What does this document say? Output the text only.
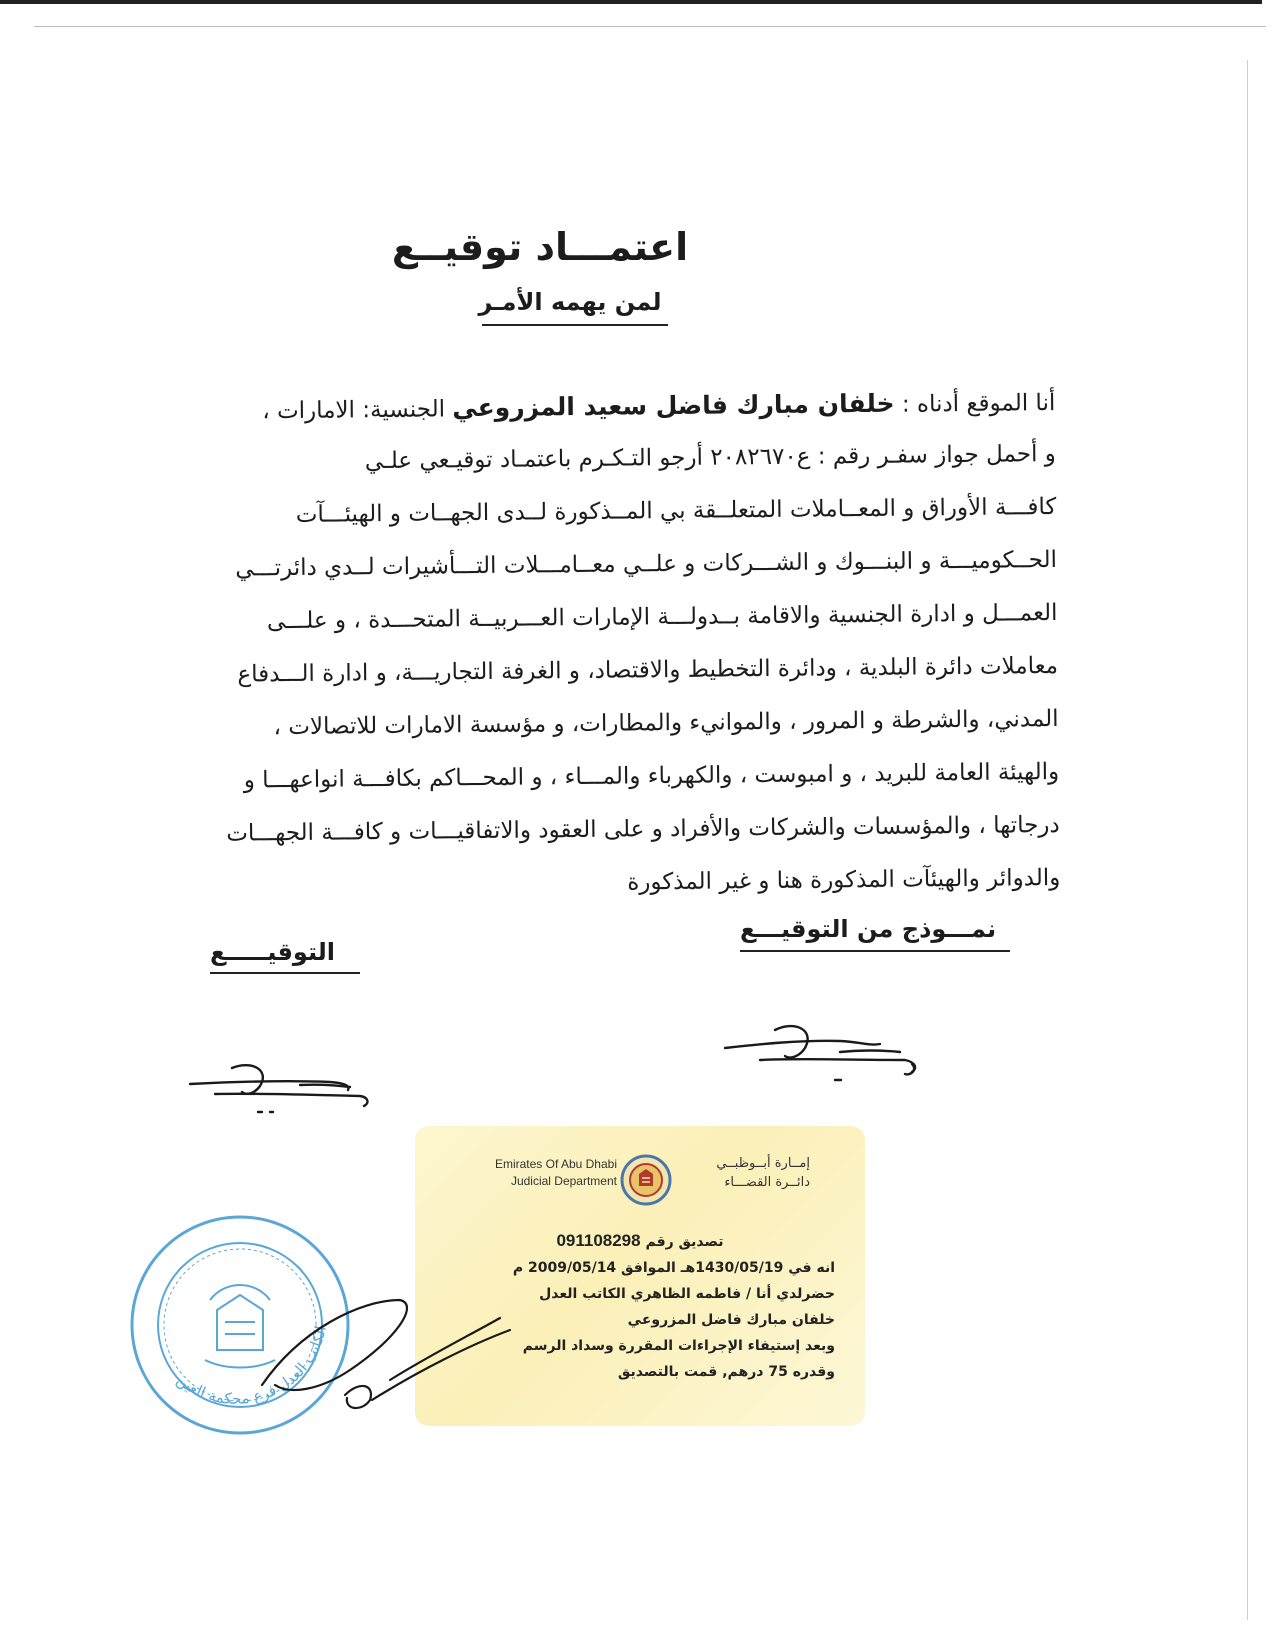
اعتمـــاد توقيــع
لمن يهمه الأمـر
أنا الموقع أدناه : خلفان مبارك فاضل سعيد المزروعي الجنسية: الامارات ،
و أحمل جواز سفـر رقم : ع٢٠٨٢٦٧٠ أرجو التـكـرم باعتمـاد توقيـعي علـي
كافـــة الأوراق و المعــاملات المتعلــقة بي المــذكورة لــدى الجهــات و الهيئـــآت
الحــكوميـــة و البنـــوك و الشـــركات و علــي معــامـــلات التـــأشيرات لــدي دائرتـــي
العمـــل و ادارة الجنسية والاقامة بــدولـــة الإمارات العـــربيــة المتحـــدة ، و علـــى
معاملات دائرة البلدية ، ودائرة التخطيط والاقتصاد، و الغرفة التجاريـــة، و ادارة الـــدفاع
المدني، والشرطة و المرور ، والموانيء والمطارات، و مؤسسة الامارات للاتصالات ،
والهيئة العامة للبريد ، و امبوست ، والكهرباء والمـــاء ، و المحـــاكم بكافـــة انواعهـــا و
درجاتها ، والمؤسسات والشركات والأفراد و على العقود والاتفاقيـــات و كافـــة الجهـــات
والدوائر والهيئآت المذكورة هنا و غير المذكورة
نمـــوذج من التوقيـــع
التوقيـــــع
Emirates Of Abu Dhabi
Judicial Department
إمــارة أبــوظبــي
دائــرة القضـــاء
تصديق رقم 091108298
انه في 1430/05/19هـ الموافق 2009/05/14 م
حضرلدي أنا / فاطمه الظاهري الكاتب العدل
خلفان مبارك فاضل المزروعي
وبعد إستيفاء الإجراءات المقررة وسداد الرسم
وقدره 75 درهم, قمت بالتصديق
الكاتب العدل فرع محكمة العين
